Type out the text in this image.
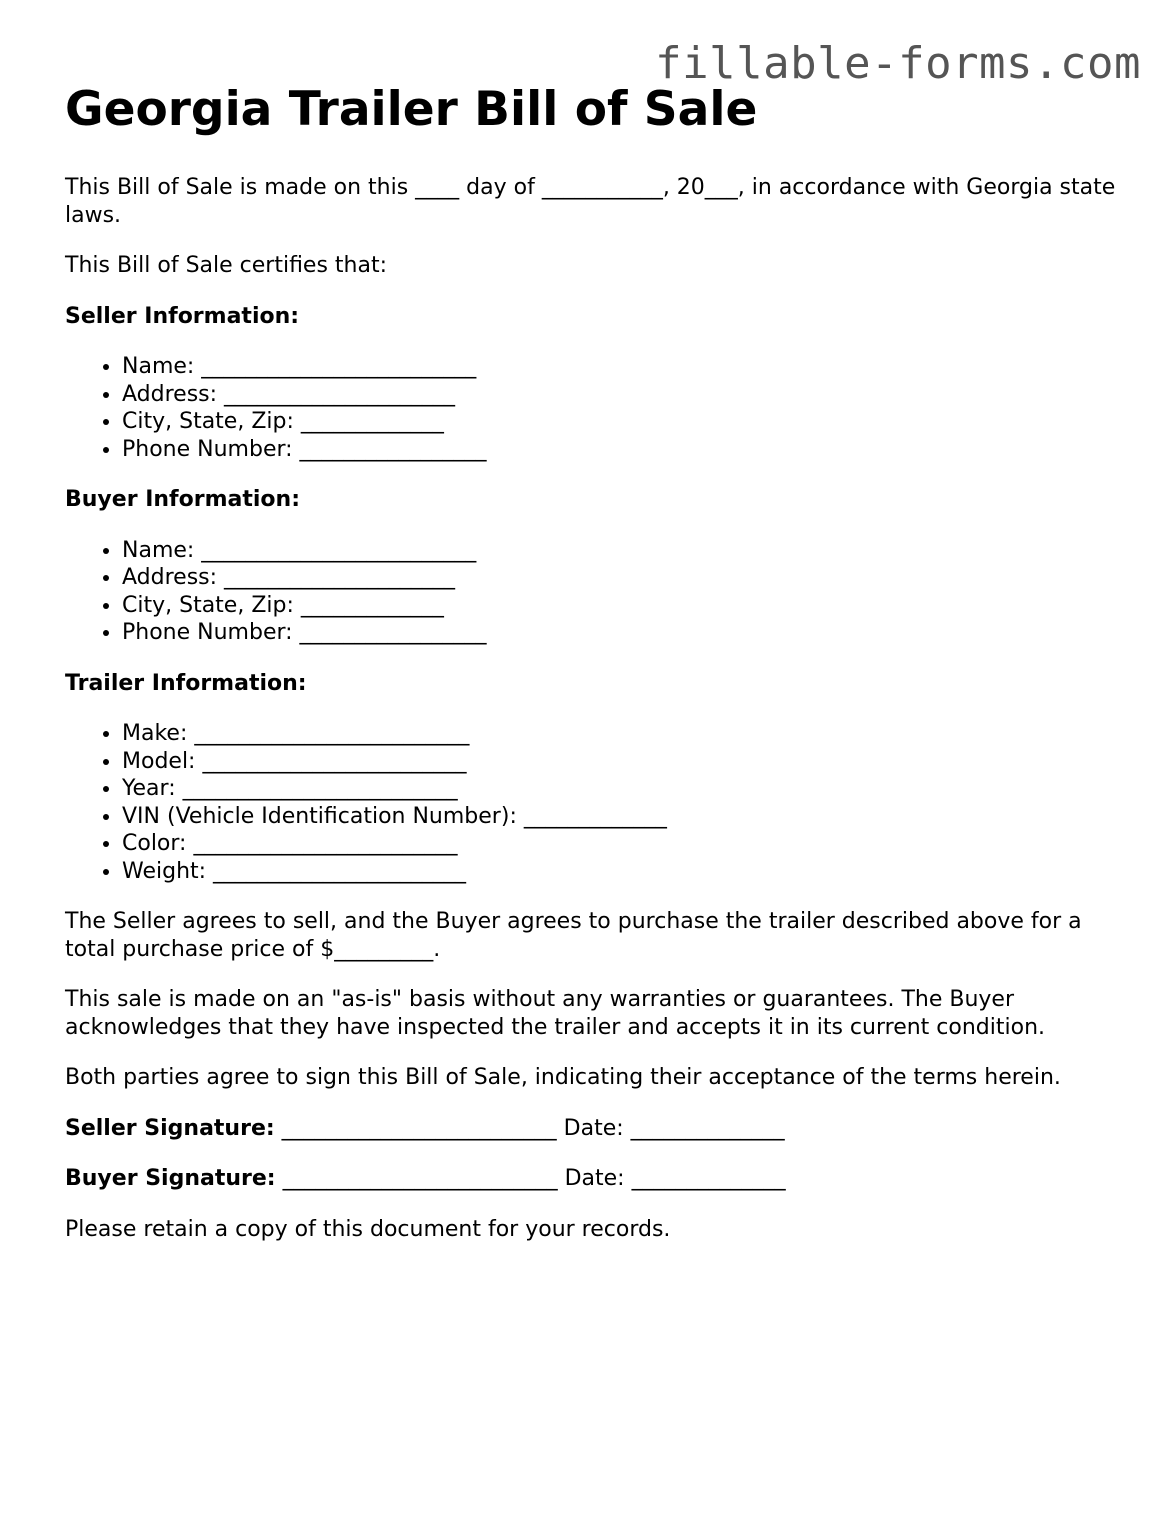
fillable-forms.com
Georgia Trailer Bill of Sale

This Bill of Sale is made on this ____ day of ___________, 20___, in accordance with Georgia state laws.

This Bill of Sale certifies that:

Seller Information:

• Name: _________________________
• Address: _____________________
• City, State, Zip: _____________
• Phone Number: _________________

Buyer Information:

• Name: _________________________
• Address: _____________________
• City, State, Zip: _____________
• Phone Number: _________________

Trailer Information:

• Make: _________________________
• Model: ________________________
• Year: _________________________
• VIN (Vehicle Identification Number): _____________
• Color: ________________________
• Weight: _______________________

The Seller agrees to sell, and the Buyer agrees to purchase the trailer described above for a total purchase price of $_________.

This sale is made on an "as-is" basis without any warranties or guarantees. The Buyer acknowledges that they have inspected the trailer and accepts it in its current condition.

Both parties agree to sign this Bill of Sale, indicating their acceptance of the terms herein.

Seller Signature: _________________________ Date: ______________

Buyer Signature: _________________________ Date: ______________

Please retain a copy of this document for your records.
